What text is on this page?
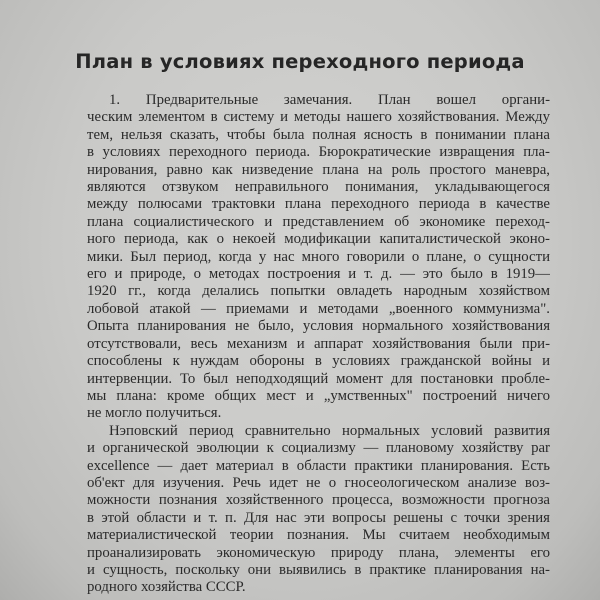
План в условиях переходного периода
1. Предварительные замечания. План вошел органи-
ческим элементом в систему и методы нашего хозяйствования. Между
тем, нельзя сказать, чтобы была полная ясность в понимании плана
в условиях переходного периода. Бюрократические извращения пла-
нирования, равно как низведение плана на роль простого маневра,
являются отзвуком неправильного понимания, укладывающегося
между полюсами трактовки плана переходного периода в качестве
плана социалистического и представлением об экономике переход-
ного периода, как о некоей модификации капиталистической эконо-
мики. Был период, когда у нас много говорили о плане, о сущности
его и природе, о методах построения и т. д. — это было в 1919—
1920 гг., когда делались попытки овладеть народным хозяйством
лобовой атакой — приемами и методами „военного коммунизма".
Опыта планирования не было, условия нормального хозяйствования
отсутствовали, весь механизм и аппарат хозяйствования были при-
способлены к нуждам обороны в условиях гражданской войны и
интервенции. То был неподходящий момент для постановки пробле-
мы плана: кроме общих мест и „умственных" построений ничего
не могло получиться.
Нэповский период сравнительно нормальных условий развития
и органической эволюции к социализму — плановому хозяйству par
excellence — дает материал в области практики планирования. Есть
об'ект для изучения. Речь идет не о гносеологическом анализе воз-
можности познания хозяйственного процесса, возможности прогноза
в этой области и т. п. Для нас эти вопросы решены с точки зрения
материалистической теории познания. Мы считаем необходимым
проанализировать экономическую природу плана, элементы его
и сущность, поскольку они выявились в практике планирования на-
родного хозяйства СССР.
